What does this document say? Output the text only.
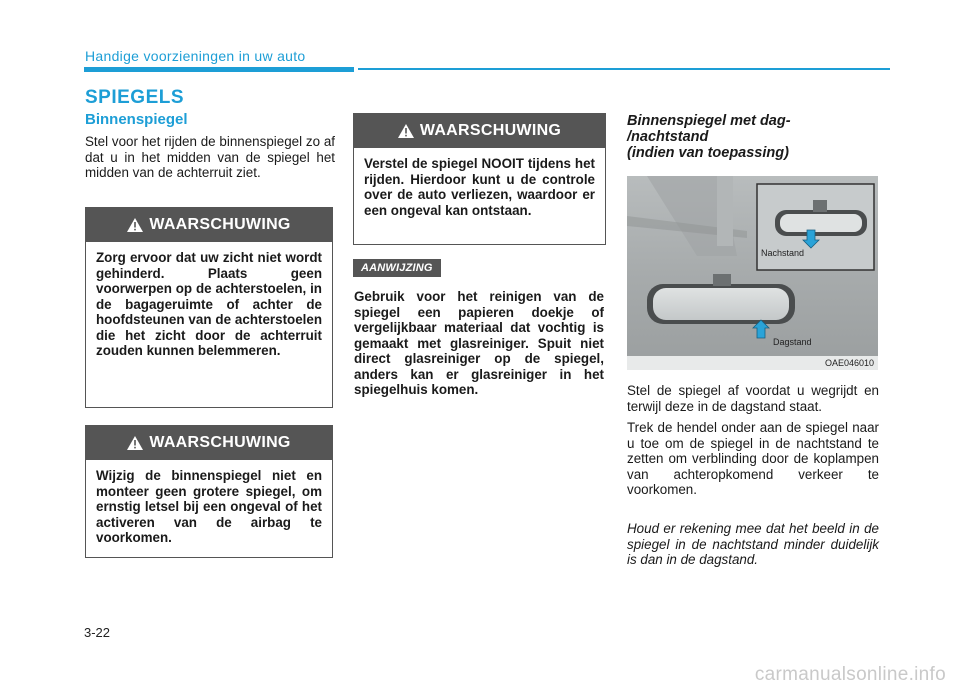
Handige voorzieningen in uw auto
SPIEGELS
Binnenspiegel
Stel voor het rijden de binnenspiegel zo af dat u in het midden van de spiegel het midden van de achterruit ziet.
WAARSCHUWING
Zorg ervoor dat uw zicht niet wordt gehinderd. Plaats geen voorwerpen op de achterstoelen, in de bagageruimte of achter de hoofdsteunen van de achterstoelen die het zicht door de achterruit zouden kunnen belemmeren.
WAARSCHUWING
Wijzig de binnenspiegel niet en monteer geen grotere spiegel, om ernstig letsel bij een ongeval of het activeren van de airbag te voorkomen.
WAARSCHUWING
Verstel de spiegel NOOIT tijdens het rijden. Hierdoor kunt u de controle over de auto verliezen, waardoor er een ongeval kan ontstaan.
AANWIJZING
Gebruik voor het reinigen van de spiegel een papieren doekje of vergelijkbaar materiaal dat vochtig is gemaakt met glasreiniger. Spuit niet direct glasreiniger op de spiegel, anders kan er glasreiniger in het spiegelhuis komen.
Binnenspiegel met dag-
/nachtstand
(indien van toepassing)
Nachstand
Dagstand
OAE046010
Stel de spiegel af voordat u wegrijdt en terwijl deze in de dagstand staat.
Trek de hendel onder aan de spiegel naar u toe om de spiegel in de nachtstand te zetten om verblinding door de koplampen van achteropkomend verkeer te voorkomen.
Houd er rekening mee dat het beeld in de spiegel in de nachtstand minder duidelijk is dan in de dagstand.
3-22
carmanualsonline.info
